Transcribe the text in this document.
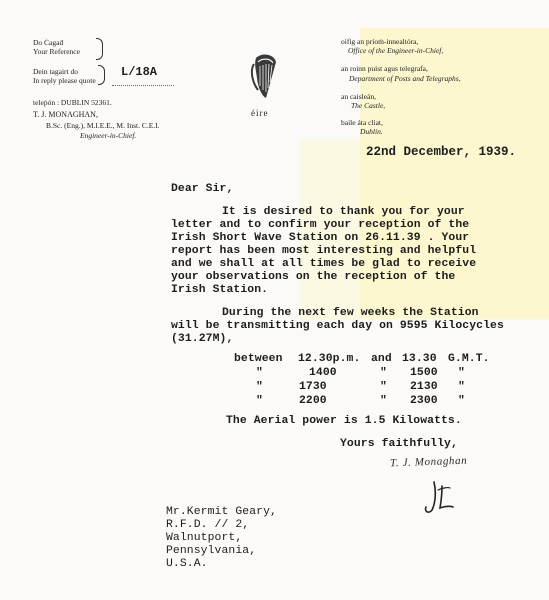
Do Ċagaḋ
Your Reference
Dein tagairt do
In reply please quote
L/18A
teleṗón : DUBLIN 52361.
T. J. MONAGHAN,
B.Sc. (Eng.), M.I.E.E., M. Inst. C.E.I.
Engineer-in-Chief.
éire
oifig an príoṁ-innealtóra,
Office of the Engineer-in-Chief,
an roinn puist agus telegrafa,
Department of Posts and Telegraphs,
an caisleán,
The Castle,
baile áta cliat,
Dublin.
22nd December, 1939.
Dear Sir,
It is desired to thank you for your
letter and to confirm your reception of the
Irish Short Wave Station on 26.11.39 . Your
report has been most interesting and helpful
and we shall at all times be glad to receive
your observations on the reception of the
Irish Station.
During the next few weeks the Station
will be transmitting each day on 9595 Kilocycles
(31.27M),
between 12.30p.m. and 13.30 G.M.T.
"	1400	" 1500 "
"	1730	" 2130 "
"	2200	" 2300 "
The Aerial power is 1.5 Kilowatts.
Yours faithfully,
T. J. Monaghan
Mr.Kermit Geary,
R.F.D. // 2,
Walnutport,
Pennsylvania,
U.S.A.
